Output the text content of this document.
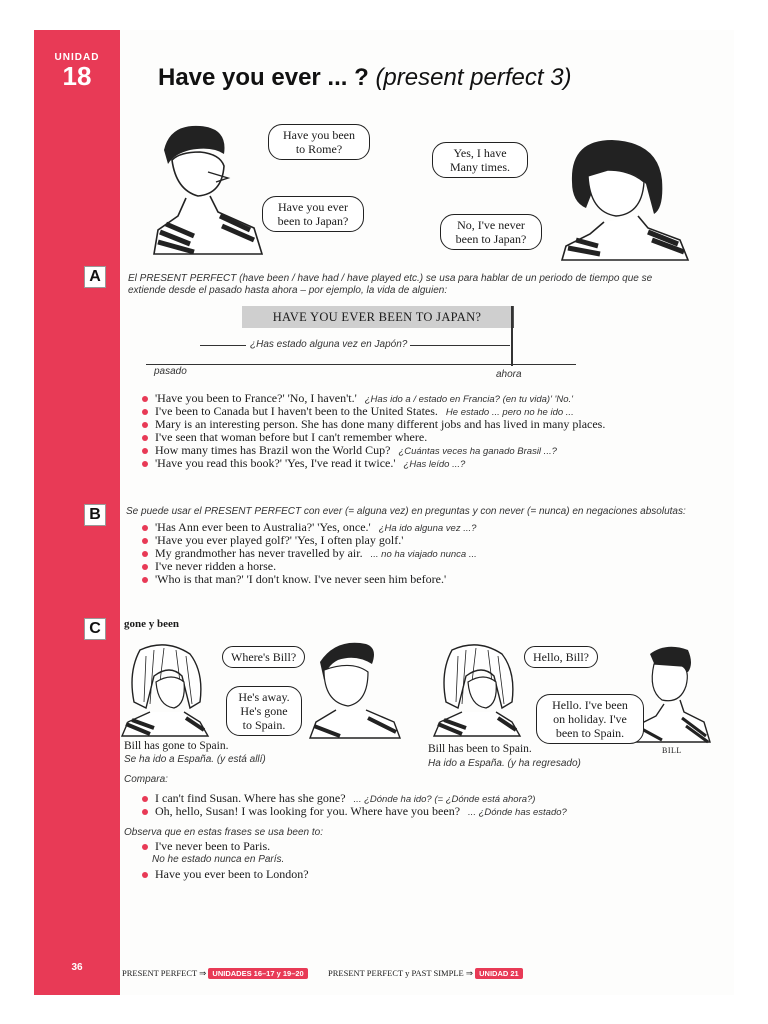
UNIDAD
18	Have you ever ... ? (present perfect 3)
Have you been to Rome?
Have you ever been to Japan?
Yes, I have Many times.
No, I've never been to Japan?
A	El PRESENT PERFECT (have been / have had / have played etc.) se usa para hablar de un periodo de tiempo que se
extiende desde el pasado hasta ahora – por ejemplo, la vida de alguien:
HAVE YOU EVER BEEN TO JAPAN?
¿Has estado alguna vez en Japón?
pasado	ahora
'Have you been to France?' 'No, I haven't.' ¿Has ido a / estado en Francia? (en tu vida)' 'No.'
I've been to Canada but I haven't been to the United States. He estado ... pero no he ido ...
Mary is an interesting person. She has done many different jobs and has lived in many places.
I've seen that woman before but I can't remember where.
How many times has Brazil won the World Cup? ¿Cuántas veces ha ganado Brasil ...?
'Have you read this book?' 'Yes, I've read it twice.' ¿Has leído ...?
B	Se puede usar el PRESENT PERFECT con ever (= alguna vez) en preguntas y con never (= nunca) en negaciones absolutas:
'Has Ann ever been to Australia?' 'Yes, once.' ¿Ha ido alguna vez ...?
'Have you ever played golf?' 'Yes, I often play golf.'
My grandmother has never travelled by air. ... no ha viajado nunca ...
I've never ridden a horse.
'Who is that man?' 'I don't know. I've never seen him before.'
C	gone y been
Where's Bill?
He's away. He's gone to Spain.
Hello, Bill?
Hello. I've been on holiday. I've been to Spain.
BILL
Bill has gone to Spain.
Se ha ido a España. (y está allí)
Bill has been to Spain.
Ha ido a España. (y ha regresado)
Compara:
I can't find Susan. Where has she gone? ... ¿Dónde ha ido? (= ¿Dónde está ahora?)
Oh, hello, Susan! I was looking for you. Where have you been? ... ¿Dónde has estado?
Observa que en estas frases se usa been to:
I've never been to Paris.
No he estado nunca en París.
Have you ever been to London?
36	PRESENT PERFECT ⇒ UNIDADES 16–17 y 19–20	PRESENT PERFECT y PAST SIMPLE ⇒ UNIDAD 21
